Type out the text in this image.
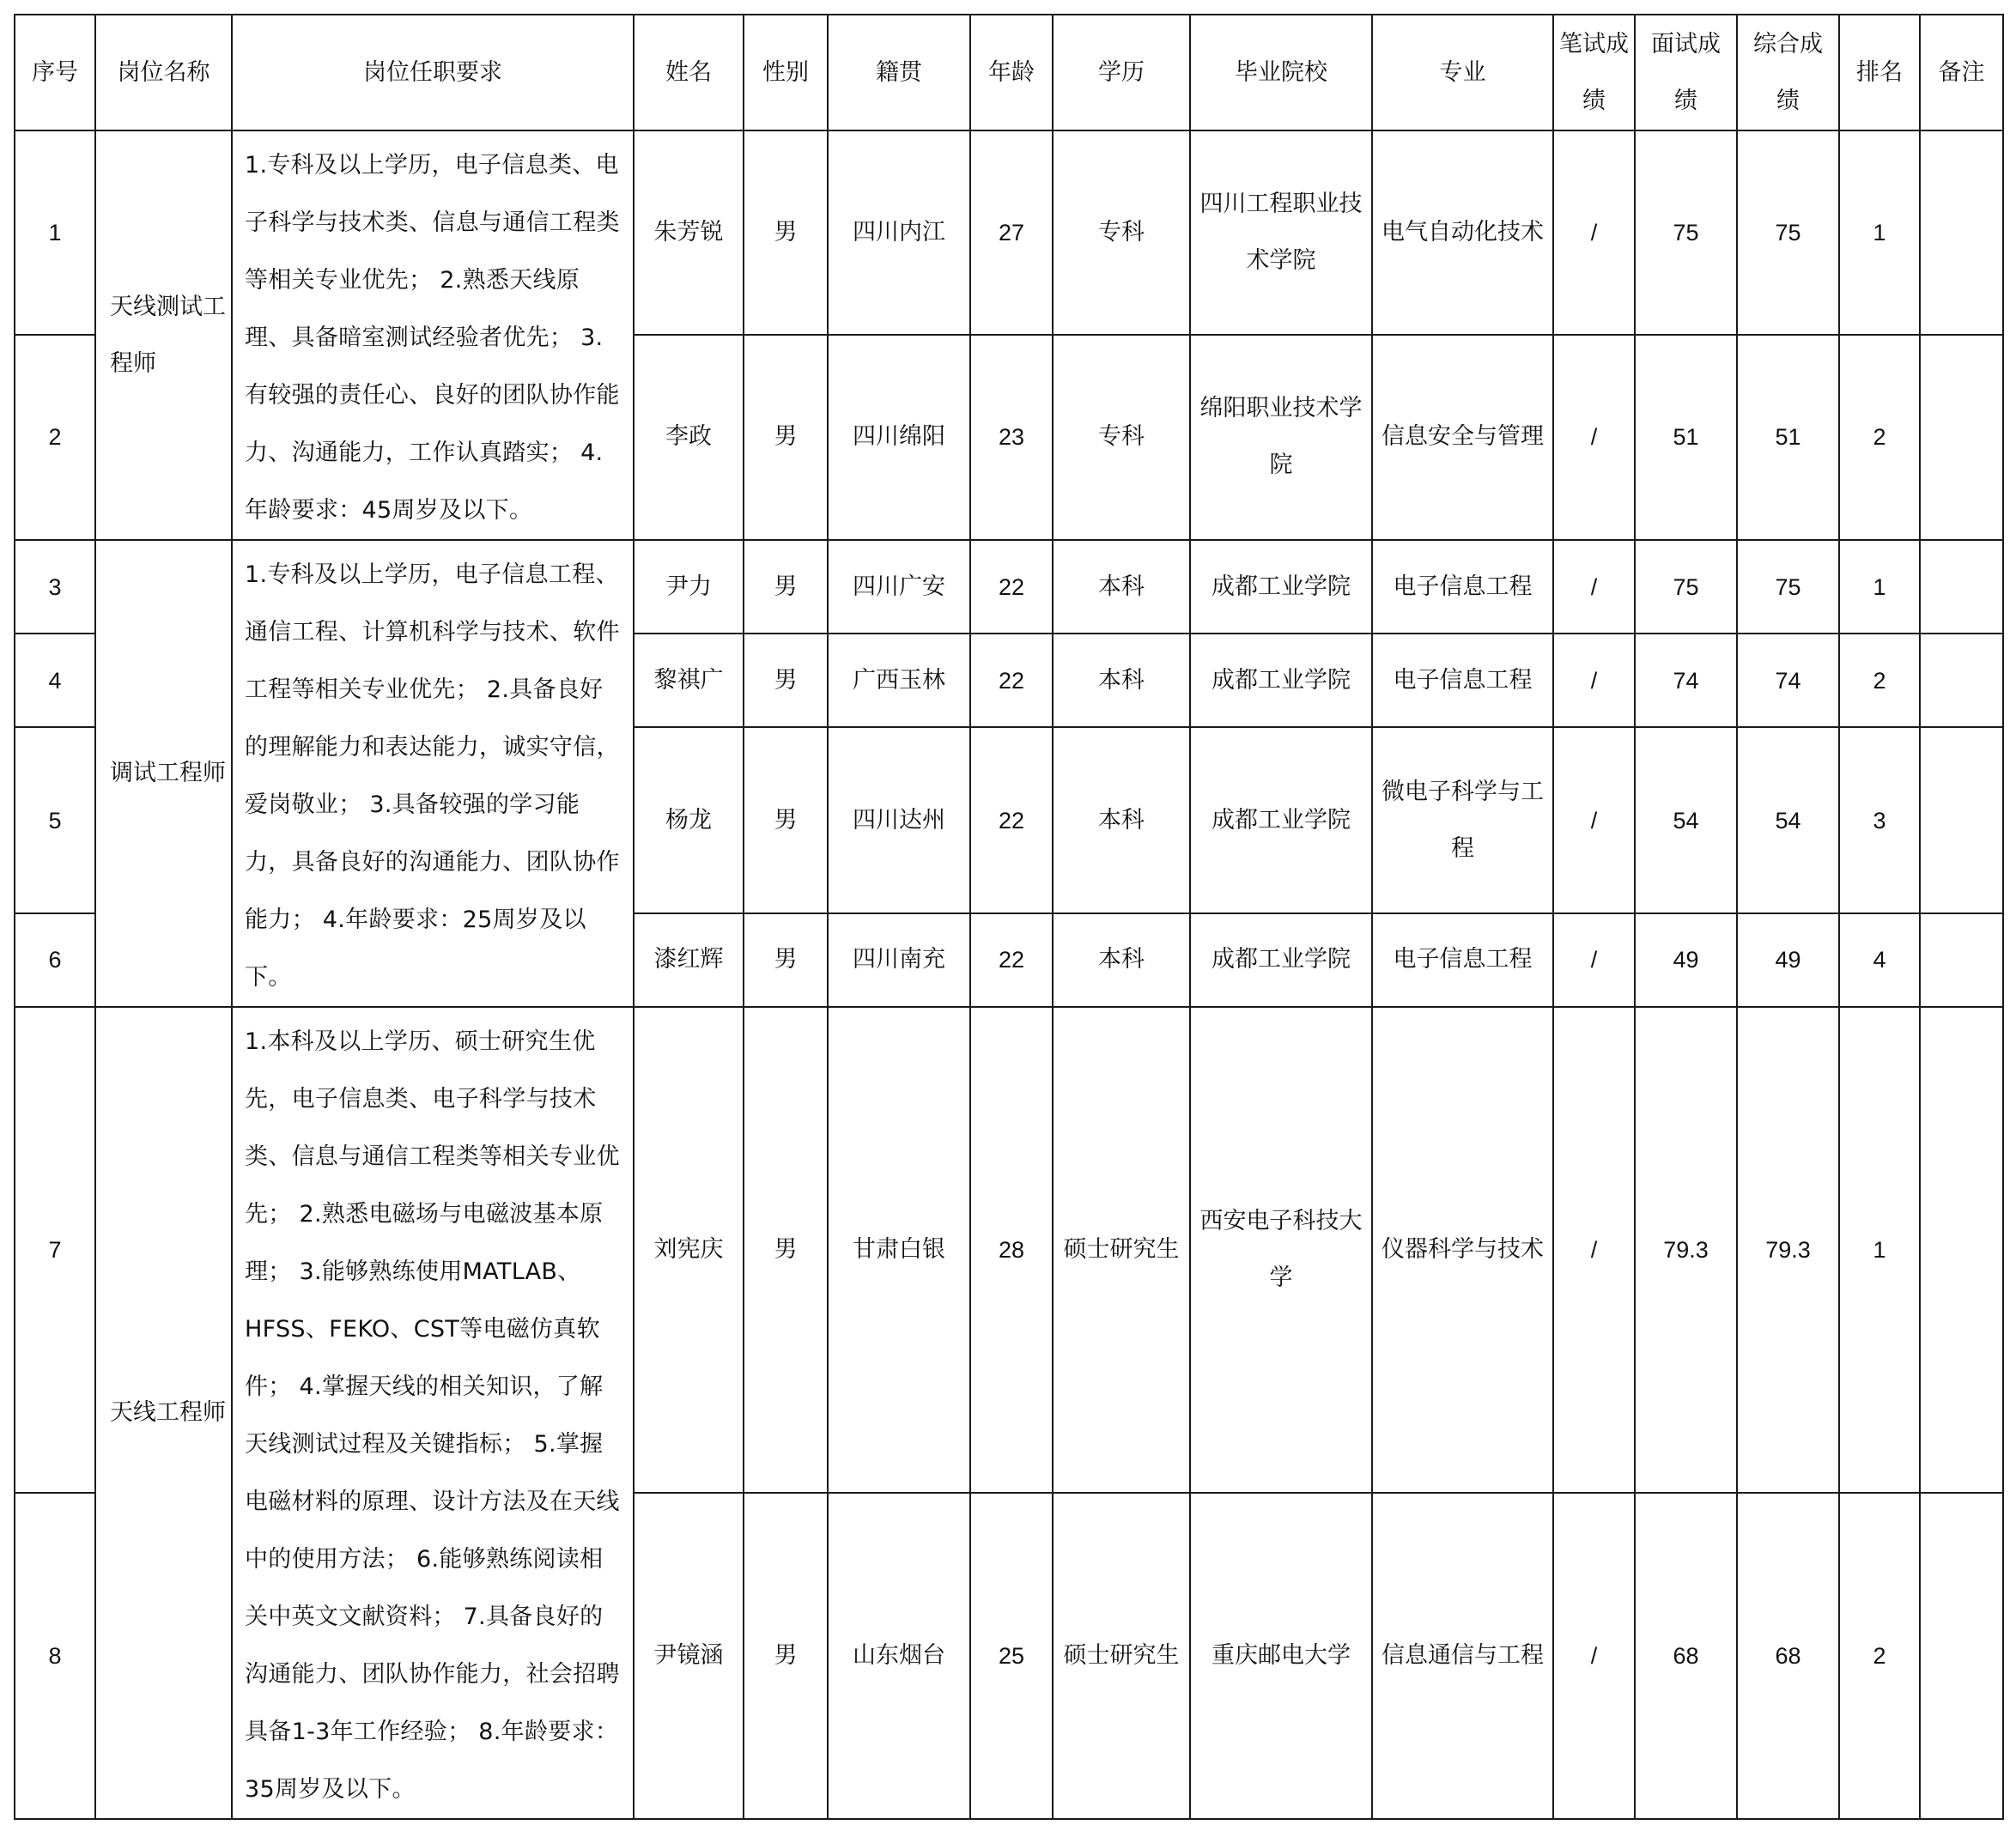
序号	岗位名称	岗位任职要求	姓名	性别	籍贯	年龄	学历	毕业院校	专业	笔试成绩	面试成绩	综合成绩	排名	备注
1	天线测试工程师	1.专科及以上学历，电子信息类、电子科学与技术类、信息与通信工程类等相关专业优先； 2.熟悉天线原理、具备暗室测试经验者优先； 3.有较强的责任心、良好的团队协作能力、沟通能力，工作认真踏实； 4.年龄要求：45周岁及以下。	朱芳锐	男	四川内江	27	专科	四川工程职业技术学院	电气自动化技术	/	75	75	1	
2			李政	男	四川绵阳	23	专科	绵阳职业技术学院	信息安全与管理	/	51	51	2	
3	调试工程师	1.专科及以上学历，电子信息工程、通信工程、计算机科学与技术、软件工程等相关专业优先； 2.具备良好的理解能力和表达能力，诚实守信，爱岗敬业； 3.具备较强的学习能力，具备良好的沟通能力、团队协作能力； 4.年龄要求：25周岁及以下。	尹力	男	四川广安	22	本科	成都工业学院	电子信息工程	/	75	75	1	
4			黎祺广	男	广西玉林	22	本科	成都工业学院	电子信息工程	/	74	74	2	
5			杨龙	男	四川达州	22	本科	成都工业学院	微电子科学与工程	/	54	54	3	
6			漆红辉	男	四川南充	22	本科	成都工业学院	电子信息工程	/	49	49	4	
7	天线工程师	1.本科及以上学历、硕士研究生优先，电子信息类、电子科学与技术类、信息与通信工程类等相关专业优先； 2.熟悉电磁场与电磁波基本原理； 3.能够熟练使用MATLAB、HFSS、FEKO、CST等电磁仿真软件； 4.掌握天线的相关知识，了解天线测试过程及关键指标； 5.掌握电磁材料的原理、设计方法及在天线中的使用方法； 6.能够熟练阅读相关中英文文献资料； 7.具备良好的沟通能力、团队协作能力，社会招聘具备1-3年工作经验； 8.年龄要求：35周岁及以下。	刘宪庆	男	甘肃白银	28	硕士研究生	西安电子科技大学	仪器科学与技术	/	79.3	79.3	1	
8			尹镜涵	男	山东烟台	25	硕士研究生	重庆邮电大学	信息通信与工程	/	68	68	2	
